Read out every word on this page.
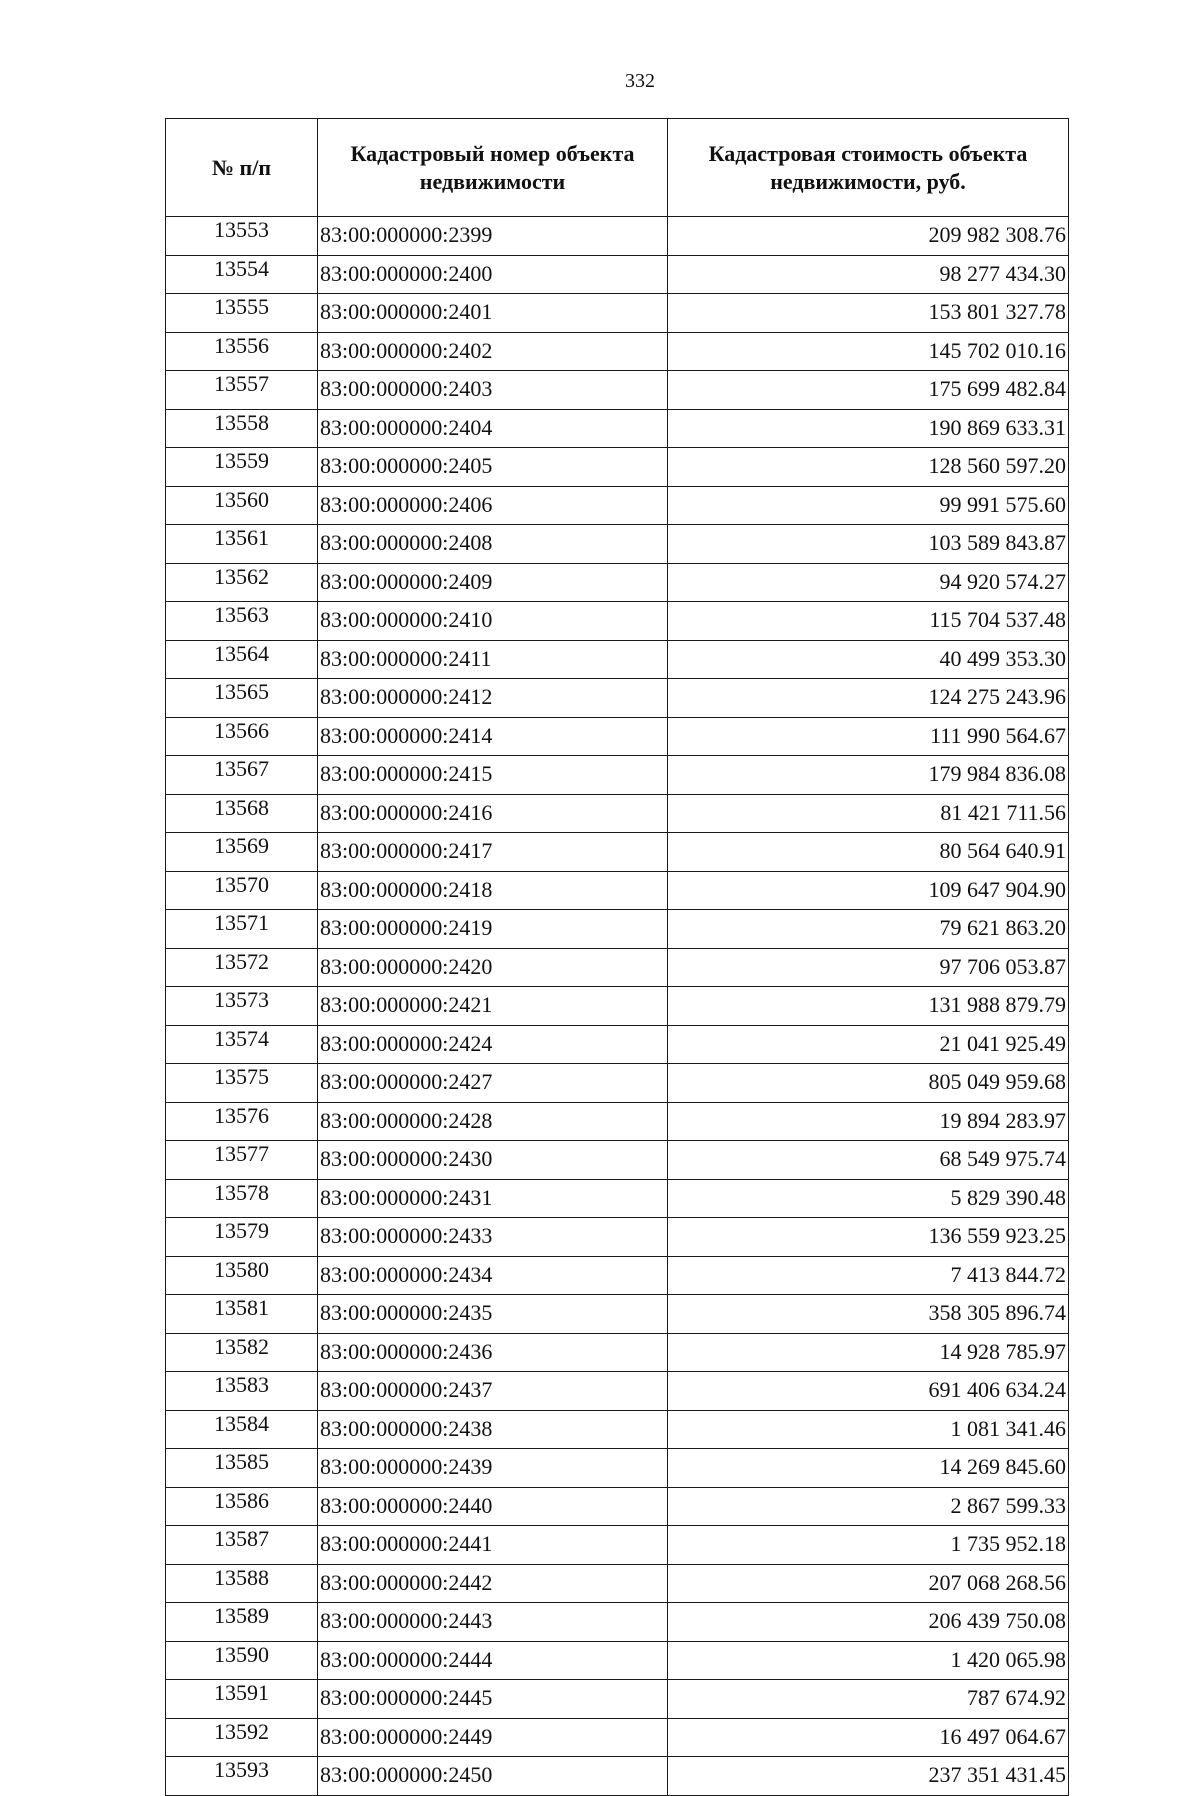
332
№ п/п	Кадастровый номер объекта недвижимости	Кадастровая стоимость объекта недвижимости, руб.
13553	83:00:000000:2399	209 982 308.76
13554	83:00:000000:2400	98 277 434.30
13555	83:00:000000:2401	153 801 327.78
13556	83:00:000000:2402	145 702 010.16
13557	83:00:000000:2403	175 699 482.84
13558	83:00:000000:2404	190 869 633.31
13559	83:00:000000:2405	128 560 597.20
13560	83:00:000000:2406	99 991 575.60
13561	83:00:000000:2408	103 589 843.87
13562	83:00:000000:2409	94 920 574.27
13563	83:00:000000:2410	115 704 537.48
13564	83:00:000000:2411	40 499 353.30
13565	83:00:000000:2412	124 275 243.96
13566	83:00:000000:2414	111 990 564.67
13567	83:00:000000:2415	179 984 836.08
13568	83:00:000000:2416	81 421 711.56
13569	83:00:000000:2417	80 564 640.91
13570	83:00:000000:2418	109 647 904.90
13571	83:00:000000:2419	79 621 863.20
13572	83:00:000000:2420	97 706 053.87
13573	83:00:000000:2421	131 988 879.79
13574	83:00:000000:2424	21 041 925.49
13575	83:00:000000:2427	805 049 959.68
13576	83:00:000000:2428	19 894 283.97
13577	83:00:000000:2430	68 549 975.74
13578	83:00:000000:2431	5 829 390.48
13579	83:00:000000:2433	136 559 923.25
13580	83:00:000000:2434	7 413 844.72
13581	83:00:000000:2435	358 305 896.74
13582	83:00:000000:2436	14 928 785.97
13583	83:00:000000:2437	691 406 634.24
13584	83:00:000000:2438	1 081 341.46
13585	83:00:000000:2439	14 269 845.60
13586	83:00:000000:2440	2 867 599.33
13587	83:00:000000:2441	1 735 952.18
13588	83:00:000000:2442	207 068 268.56
13589	83:00:000000:2443	206 439 750.08
13590	83:00:000000:2444	1 420 065.98
13591	83:00:000000:2445	787 674.92
13592	83:00:000000:2449	16 497 064.67
13593	83:00:000000:2450	237 351 431.45
